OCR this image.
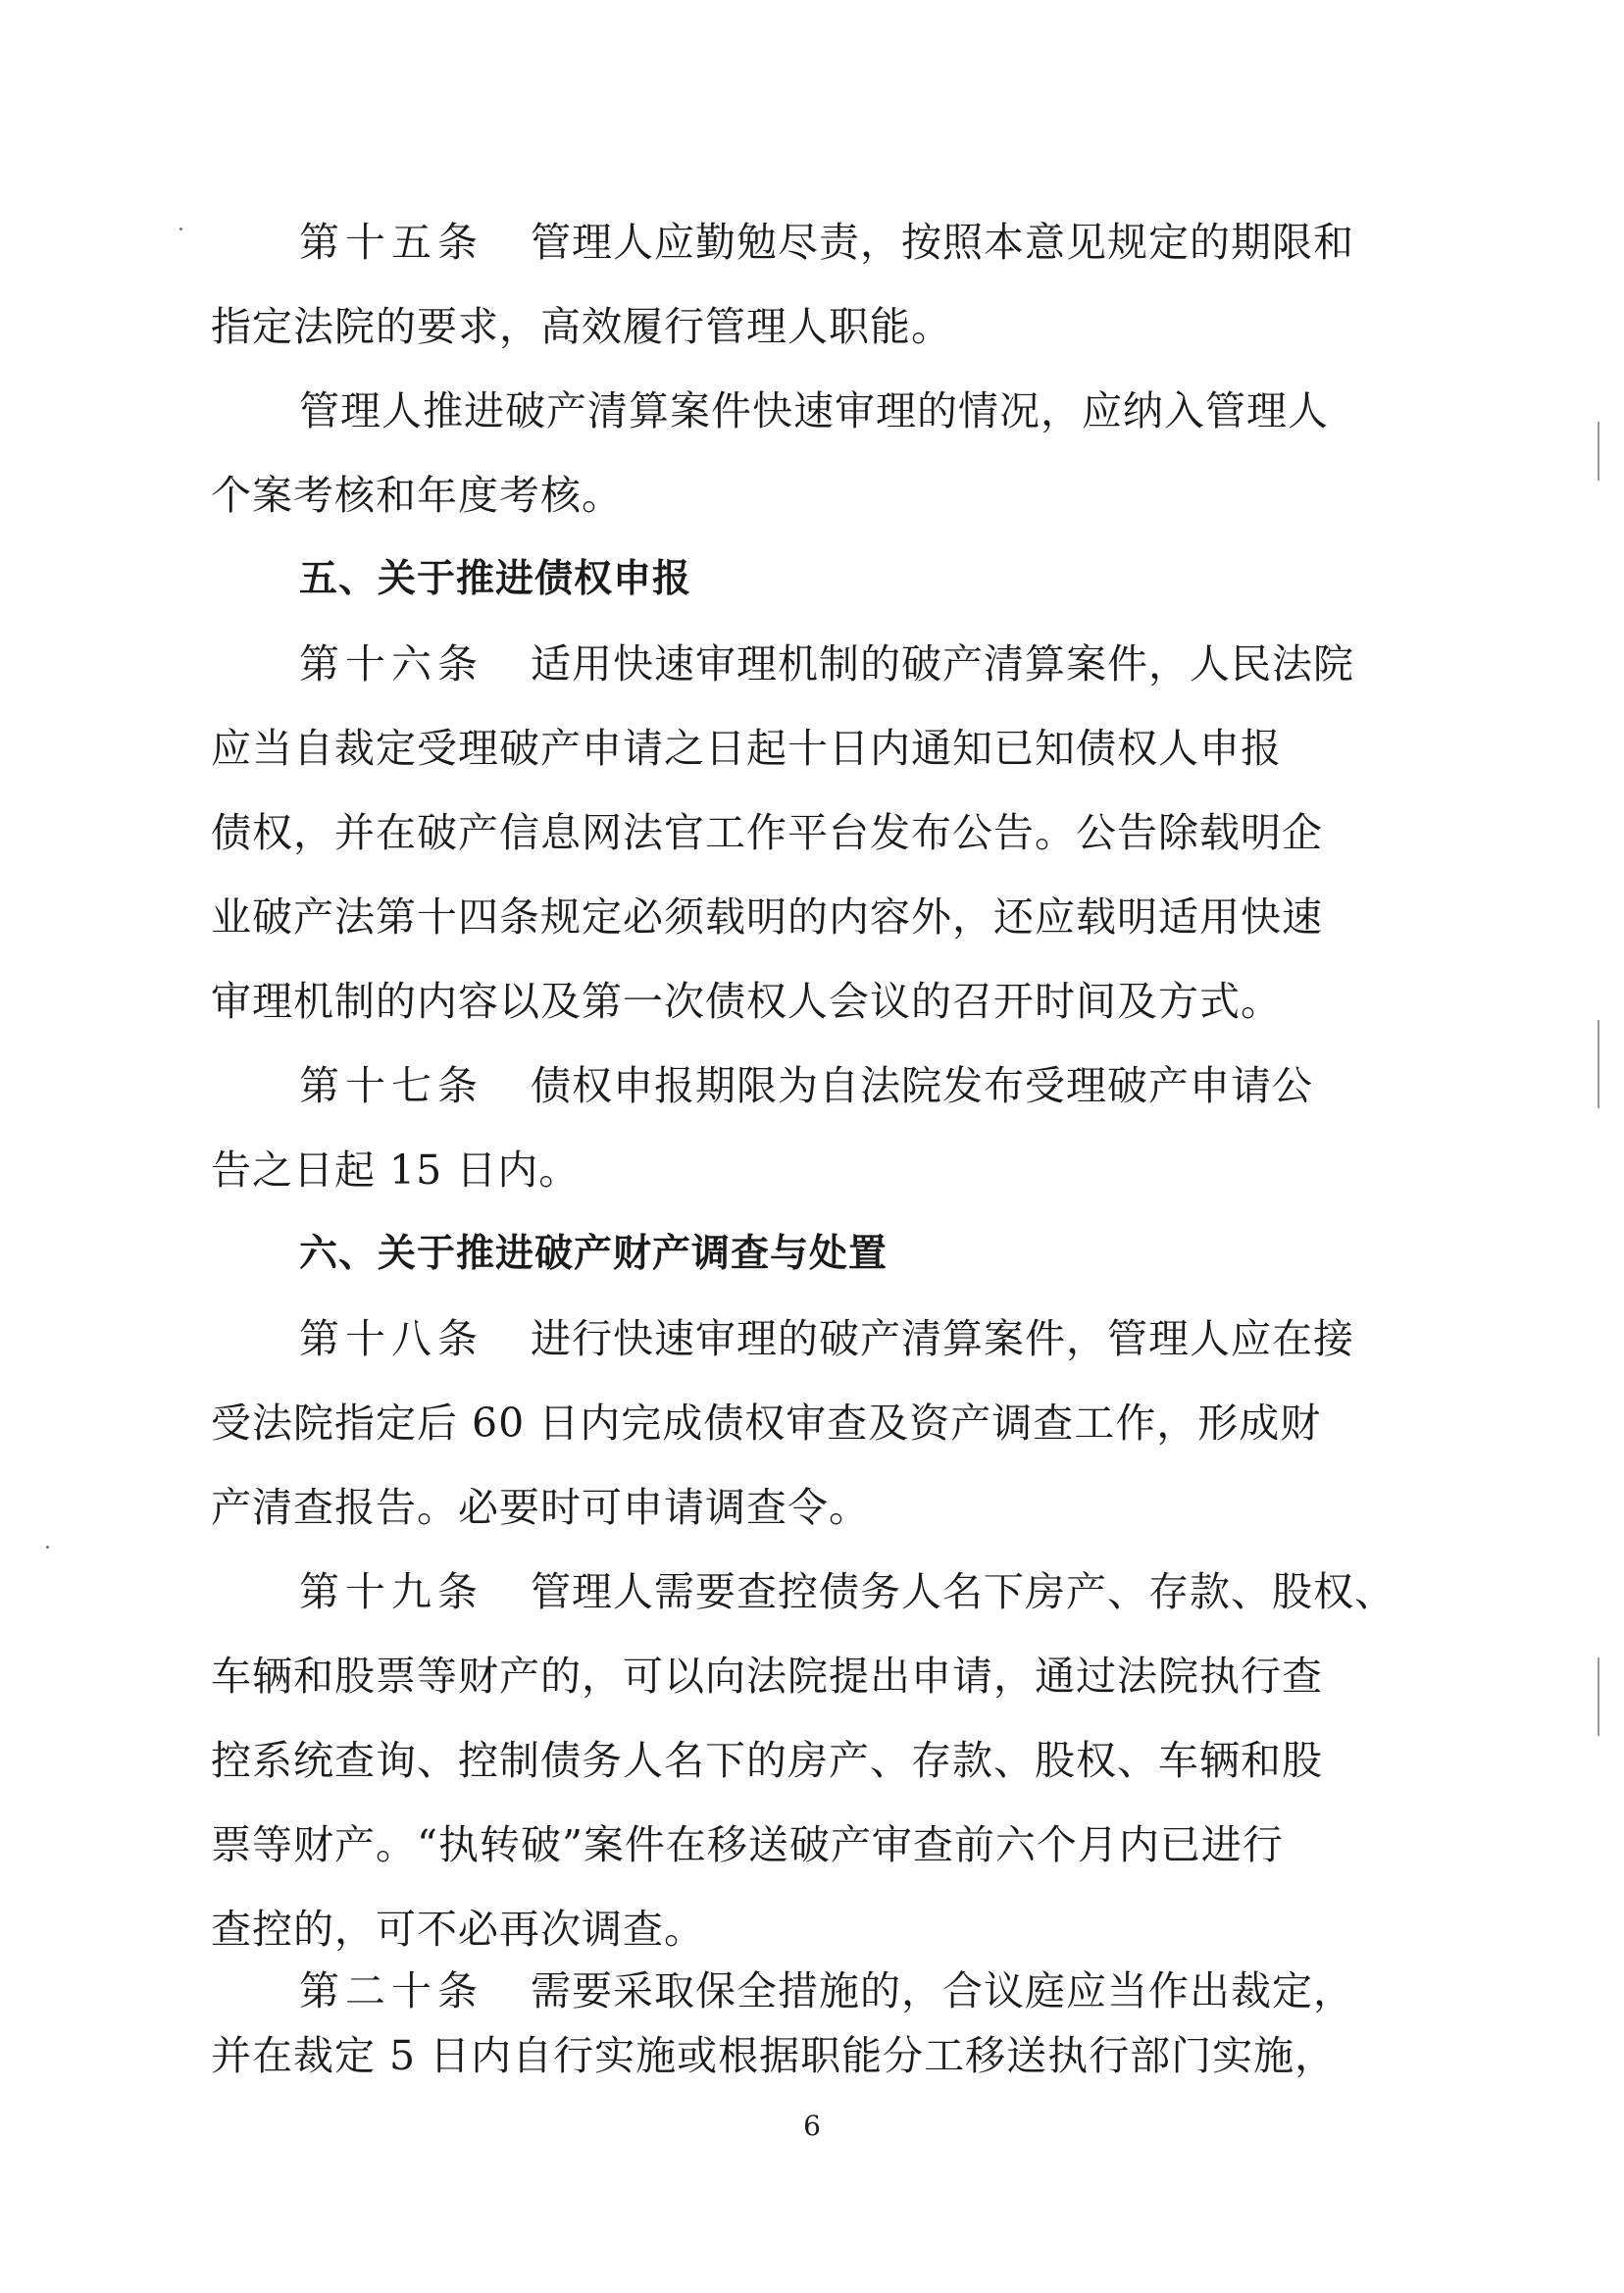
第十五条 管理人应勤勉尽责，按照本意见规定的期限和
指定法院的要求，高效履行管理人职能。
管理人推进破产清算案件快速审理的情况，应纳入管理人
个案考核和年度考核。
五、关于推进债权申报
第十六条 适用快速审理机制的破产清算案件，人民法院
应当自裁定受理破产申请之日起十日内通知已知债权人申报
债权，并在破产信息网法官工作平台发布公告。公告除载明企
业破产法第十四条规定必须载明的内容外，还应载明适用快速
审理机制的内容以及第一次债权人会议的召开时间及方式。
第十七条 债权申报期限为自法院发布受理破产申请公
告之日起 15 日内。
六、关于推进破产财产调查与处置
第十八条 进行快速审理的破产清算案件，管理人应在接
受法院指定后 60 日内完成债权审查及资产调查工作，形成财
产清查报告。必要时可申请调查令。
第十九条 管理人需要查控债务人名下房产、存款、股权、
车辆和股票等财产的，可以向法院提出申请，通过法院执行查
控系统查询、控制债务人名下的房产、存款、股权、车辆和股
票等财产。“执转破”案件在移送破产审查前六个月内已进行
查控的，可不必再次调查。
第二十条 需要采取保全措施的，合议庭应当作出裁定，
并在裁定 5 日内自行实施或根据职能分工移送执行部门实施，
6
